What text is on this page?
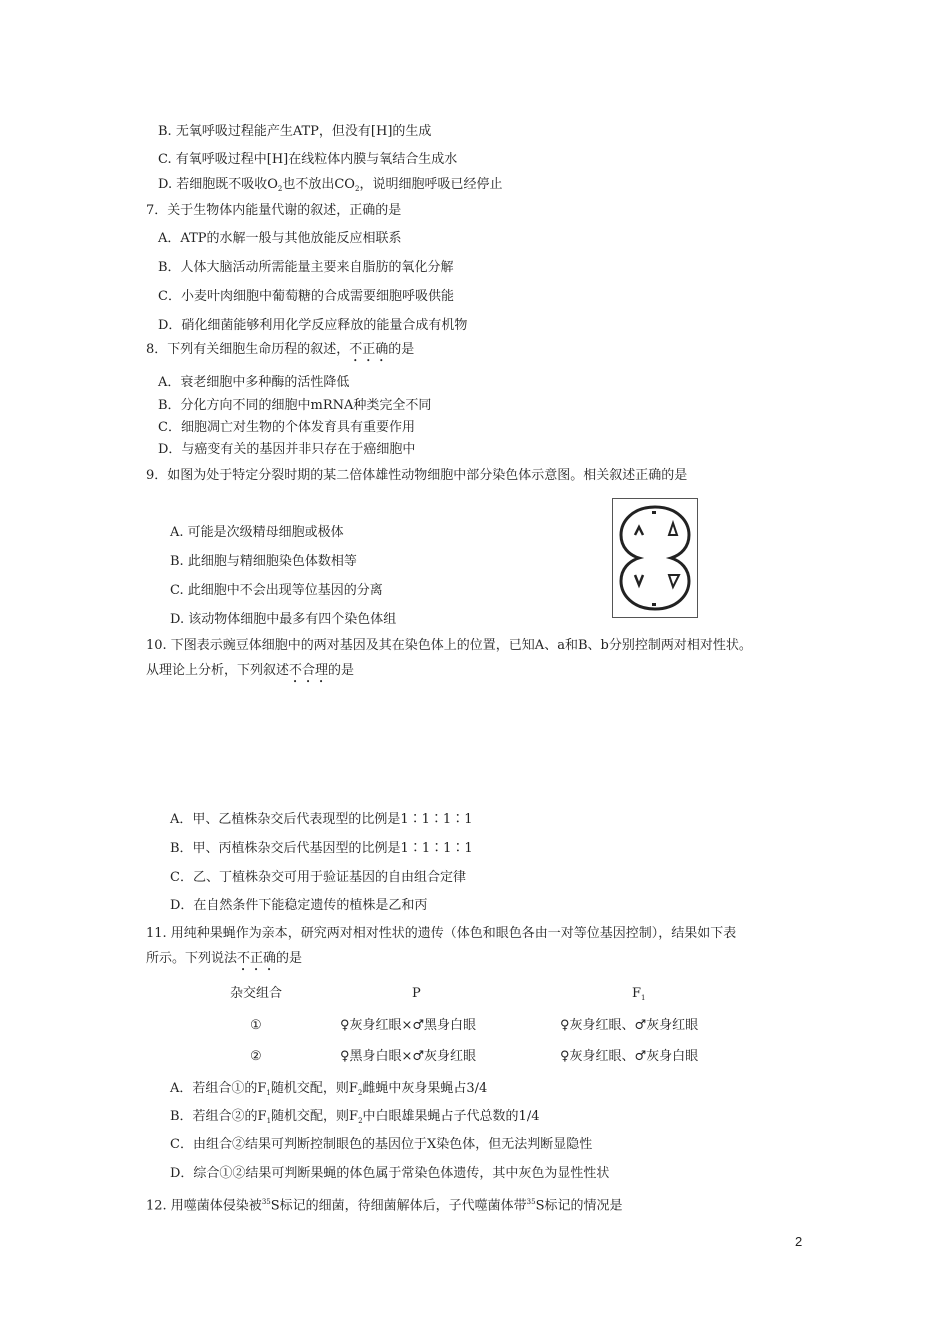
B. 无氧呼吸过程能产生ATP，但没有[H]的生成
C. 有氧呼吸过程中[H]在线粒体内膜与氧结合生成水
D. 若细胞既不吸收$O_2$也不放出$CO_2$，说明细胞呼吸已经停止
7．关于生物体内能量代谢的叙述，正确的是
A．ATP的水解一般与其他放能反应相联系
B．人体大脑活动所需能量主要来自脂肪的氧化分解
C．小麦叶肉细胞中葡萄糖的合成需要细胞呼吸供能
D．硝化细菌能够利用化学反应释放的能量合成有机物
8．下列有关细胞生命历程的叙述，不正确的是
A．衰老细胞中多种酶的活性降低
B．分化方向不同的细胞中mRNA种类完全不同
C．细胞凋亡对生物的个体发育具有重要作用
D．与癌变有关的基因并非只存在于癌细胞中
9．如图为处于特定分裂时期的某二倍体雄性动物细胞中部分染色体示意图。相关叙述正确的是
A. 可能是次级精母细胞或极体
B. 此细胞与精细胞染色体数相等
C. 此细胞中不会出现等位基因的分离
D. 该动物体细胞中最多有四个染色体组
10. 下图表示豌豆体细胞中的两对基因及其在染色体上的位置，已知A、a和B、b分别控制两对相对性状。
从理论上分析，下列叙述不合理的是
A．甲、乙植株杂交后代表现型的比例是1∶1∶1∶1
B．甲、丙植株杂交后代基因型的比例是1∶1∶1∶1
C．乙、丁植株杂交可用于验证基因的自由组合定律
D．在自然条件下能稳定遗传的植株是乙和丙
11. 用纯种果蝇作为亲本，研究两对相对性状的遗传（体色和眼色各由一对等位基因控制），结果如下表
所示。下列说法不正确的是
杂交组合	P	$F_1$
①	♀灰身红眼×♂黑身白眼	♀灰身红眼、♂灰身红眼
②	♀黑身白眼×♂灰身红眼	♀灰身红眼、♂灰身白眼
A．若组合①的$F_1$随机交配，则$F_2$雌蝇中灰身果蝇占3/4
B．若组合②的$F_1$随机交配，则$F_2$中白眼雄果蝇占子代总数的1/4
C．由组合②结果可判断控制眼色的基因位于X染色体，但无法判断显隐性
D．综合①②结果可判断果蝇的体色属于常染色体遗传，其中灰色为显性性状
12. 用噬菌体侵染被$^{35}$S标记的细菌，待细菌解体后，子代噬菌体带$^{35}$S标记的情况是
2
